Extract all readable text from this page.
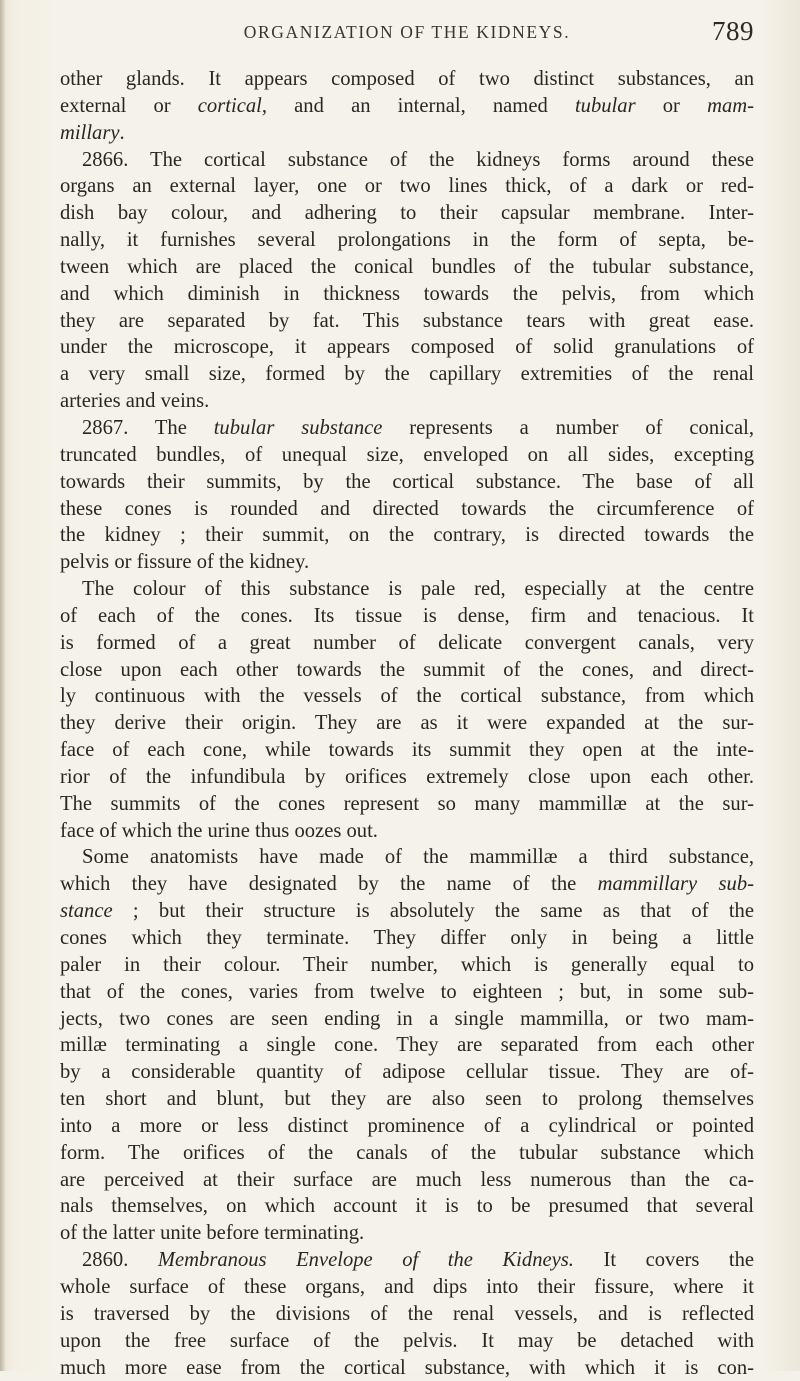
ORGANIZATION OF THE KIDNEYS.	789
other glands. It appears composed of two distinct substances, an
external or cortical, and an internal, named tubular or mam-
millary.
2866. The cortical substance of the kidneys forms around these
organs an external layer, one or two lines thick, of a dark or red-
dish bay colour, and adhering to their capsular membrane. Inter-
nally, it furnishes several prolongations in the form of septa, be-
tween which are placed the conical bundles of the tubular substance,
and which diminish in thickness towards the pelvis, from which
they are separated by fat. This substance tears with great ease.
under the microscope, it appears composed of solid granulations of
a very small size, formed by the capillary extremities of the renal
arteries and veins.
2867. The tubular substance represents a number of conical,
truncated bundles, of unequal size, enveloped on all sides, excepting
towards their summits, by the cortical substance. The base of all
these cones is rounded and directed towards the circumference of
the kidney ; their summit, on the contrary, is directed towards the
pelvis or fissure of the kidney.
The colour of this substance is pale red, especially at the centre
of each of the cones. Its tissue is dense, firm and tenacious. It
is formed of a great number of delicate convergent canals, very
close upon each other towards the summit of the cones, and direct-
ly continuous with the vessels of the cortical substance, from which
they derive their origin. They are as it were expanded at the sur-
face of each cone, while towards its summit they open at the inte-
rior of the infundibula by orifices extremely close upon each other.
The summits of the cones represent so many mammillæ at the sur-
face of which the urine thus oozes out.
Some anatomists have made of the mammillæ a third substance,
which they have designated by the name of the mammillary sub-
stance ; but their structure is absolutely the same as that of the
cones which they terminate. They differ only in being a little
paler in their colour. Their number, which is generally equal to
that of the cones, varies from twelve to eighteen ; but, in some sub-
jects, two cones are seen ending in a single mammilla, or two mam-
millæ terminating a single cone. They are separated from each other
by a considerable quantity of adipose cellular tissue. They are of-
ten short and blunt, but they are also seen to prolong themselves
into a more or less distinct prominence of a cylindrical or pointed
form. The orifices of the canals of the tubular substance which
are perceived at their surface are much less numerous than the ca-
nals themselves, on which account it is to be presumed that several
of the latter unite before terminating.
2860. Membranous Envelope of the Kidneys. It covers the
whole surface of these organs, and dips into their fissure, where it
is traversed by the divisions of the renal vessels, and is reflected
upon the free surface of the pelvis. It may be detached with
much more ease from the cortical substance, with which it is con-
